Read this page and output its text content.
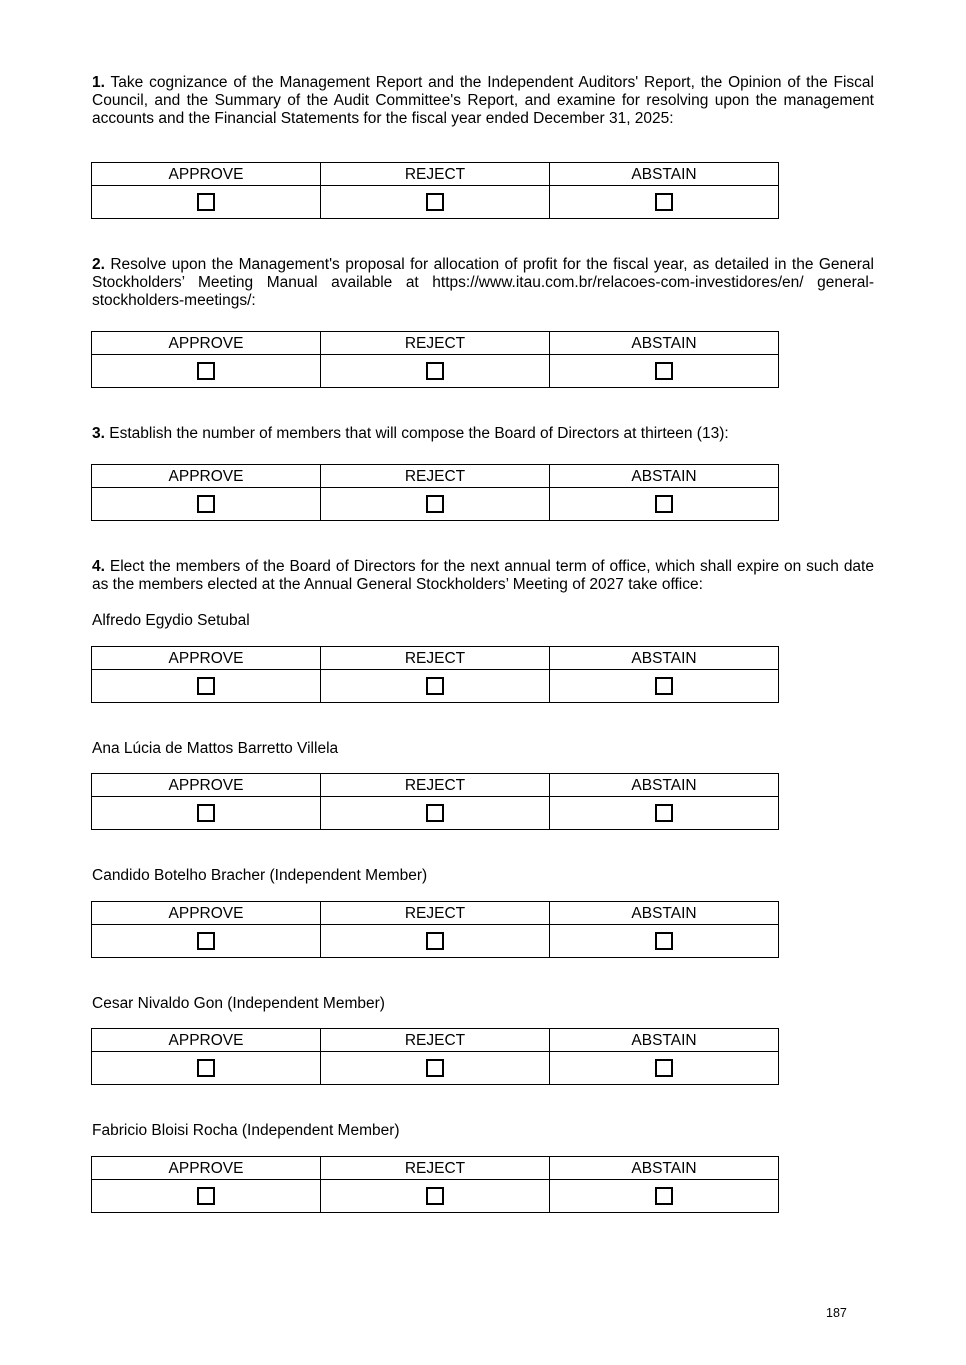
1. Take cognizance of the Management Report and the Independent Auditors' Report, the Opinion of the Fiscal Council, and the Summary of the Audit Committee's Report, and examine for resolving upon the management accounts and the Financial Statements for the fiscal year ended December 31, 2025:

APPROVE	REJECT	ABSTAIN

2. Resolve upon the Management's proposal for allocation of profit for the fiscal year, as detailed in the General Stockholders’ Meeting Manual available at https://www.itau.com.br/relacoes-com-investidores/en/ general-stockholders-meetings/:

APPROVE	REJECT	ABSTAIN

3. Establish the number of members that will compose the Board of Directors at thirteen (13):

APPROVE	REJECT	ABSTAIN

4. Elect the members of the Board of Directors for the next annual term of office, which shall expire on such date as the members elected at the Annual General Stockholders’ Meeting of 2027 take office:

Alfredo Egydio Setubal

APPROVE	REJECT	ABSTAIN

Ana Lúcia de Mattos Barretto Villela

APPROVE	REJECT	ABSTAIN

Candido Botelho Bracher (Independent Member)

APPROVE	REJECT	ABSTAIN

Cesar Nivaldo Gon (Independent Member)

APPROVE	REJECT	ABSTAIN

Fabricio Bloisi Rocha (Independent Member)

APPROVE	REJECT	ABSTAIN

187
